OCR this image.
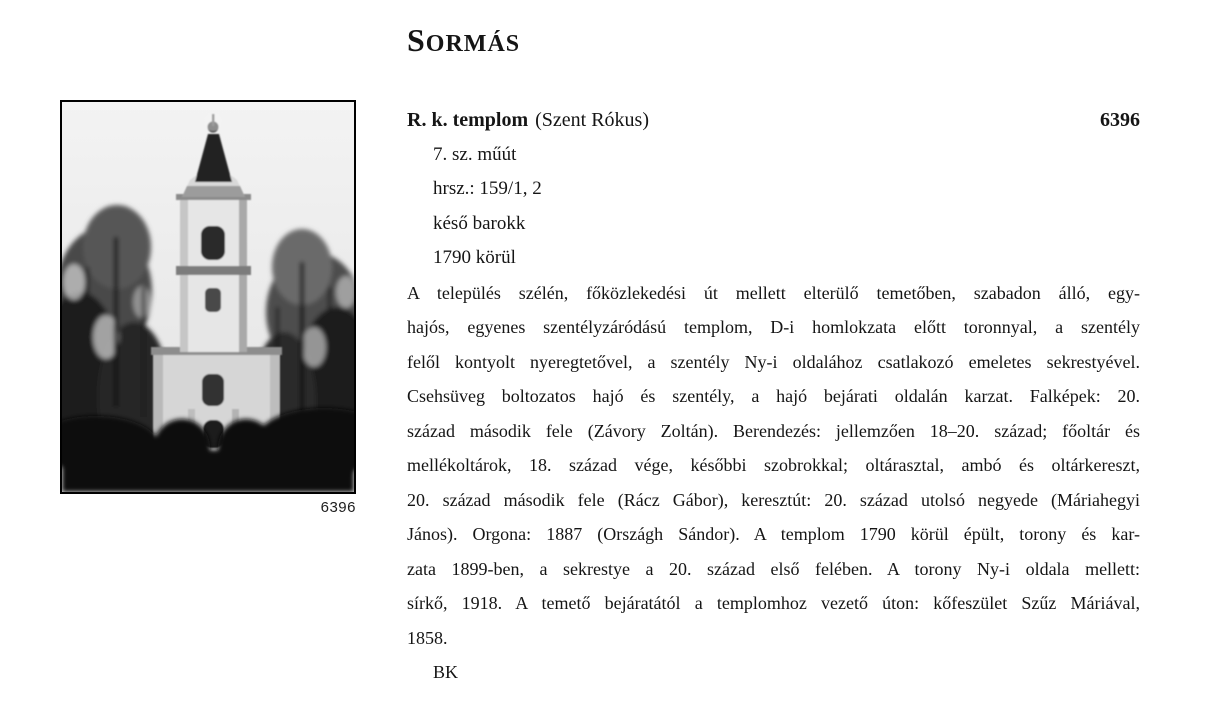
6396
SORMÁS
R. k. templom (Szent Rókus)	6396
7. sz. műút
hrsz.: 159/1, 2
késő barokk
1790 körül
A település szélén, főközlekedési út mellett elterülő temetőben, szabadon álló, egy-
hajós, egyenes szentélyzáródású templom, D-i homlokzata előtt toronnyal, a szentély
felől kontyolt nyeregtetővel, a szentély Ny-i oldalához csatlakozó emeletes sekrestyével.
Csehsüveg boltozatos hajó és szentély, a hajó bejárati oldalán karzat. Falképek: 20.
század második fele (Závory Zoltán). Berendezés: jellemzően 18–20. század; főoltár és
mellékoltárok, 18. század vége, későbbi szobrokkal; oltárasztal, ambó és oltárkereszt,
20. század második fele (Rácz Gábor), keresztút: 20. század utolsó negyede (Máriahegyi
János). Orgona: 1887 (Országh Sándor). A templom 1790 körül épült, torony és kar-
zata 1899-ben, a sekrestye a 20. század első felében. A torony Ny-i oldala mellett:
sírkő, 1918. A temető bejáratától a templomhoz vezető úton: kőfeszület Szűz Máriával,
1858.
BK
